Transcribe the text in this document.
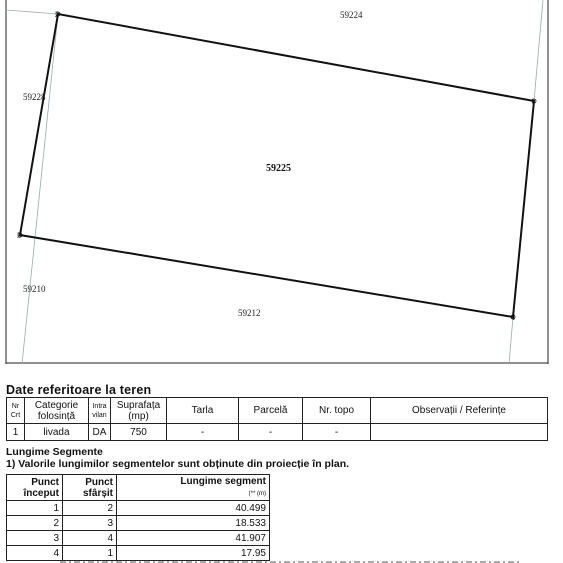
1
2
3
4
59225
59224
59228
59210
59212
Date referitoare la teren
Nr Crt	Categorie folosință	Intra vilan	Suprafața (mp)	Tarla	Parcelă	Nr. topo	Observații / Referințe
1	livada	DA	750	-	-	-	
Lungime Segmente
1) Valorile lungimilor segmentelor sunt obținute din proiecție în plan.
Punct început	Punct sfârșit	Lungime segment
(** (m)
1	2	40.499
2	3	18.533
3	4	41.907
4	1	17.95
